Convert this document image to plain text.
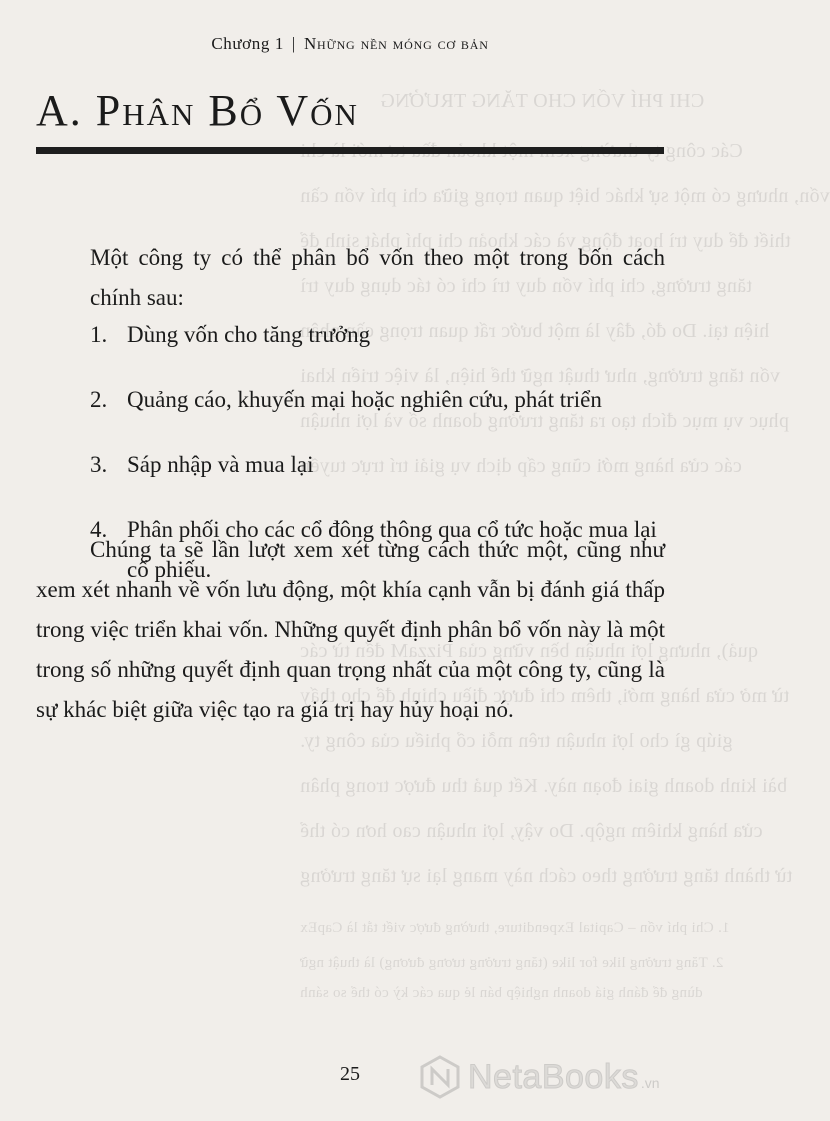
CHI PHÍ VỐN CHO TĂNG TRƯỞNG
Các công
vốn, nhưng có một sự khác biệt quan trọng giữa chi phí vốn cần
thiết để duy trì hoạt động và các khoản chi phí phát sinh để
tăng trưởng, chi phí vốn duy trì chỉ có tác dụng duy trì
hiện tại. Do đó, đây là một bước rất quan trọng cần phân
vốn tăng trưởng, như thuật ngữ thể hiện, là việc triển khai
phục vụ mục đích tạo ra tăng trưởng doanh số và lợi nhuận
các cửa hàng mới cũng cấp dịch vụ giải trí trực tuyến
quả), nhưng lợi nhuận bền vững của PizzaM đến từ các
từ mở cửa hàng mới, thêm chỉ được điều chỉnh để cho thấy
giúp gì cho lợi nhuận trên mỗi cổ phiếu của công ty.
bài kinh doanh giai đoạn này. Kết quả thu được trong phân
cửa hàng khiêm ngộp. Do vậy, lợi nhuận cao hơn có thể
từ thành tăng trưởng theo cách này mang lại sự tăng trưởng
1. Chi phí vốn – Capital Expenditure, thường được viết tắt là CapEx
2. Tăng trưởng like for like (tăng trưởng tương đương) là thuật ngữ
dùng để đánh giá doanh nghiệp bán lẻ qua các kỳ có thể so sánh
Chương 1 | Những nền móng cơ bản
A. Phân Bổ Vốn

Một công ty có thể phân bổ vốn theo một trong bốn cách chính sau:

1. Dùng vốn cho tăng trưởng
2. Quảng cáo, khuyến mại hoặc nghiên cứu, phát triển
3. Sáp nhập và mua lại
4. Phân phối cho các cổ đông thông qua cổ tức hoặc mua lại cổ phiếu.

Chúng ta sẽ lần lượt xem xét từng cách thức một, cũng như xem xét nhanh về vốn lưu động, một khía cạnh vẫn bị đánh giá thấp trong việc triển khai vốn. Những quyết định phân bổ vốn này là một trong số những quyết định quan trọng nhất của một công ty, cũng là sự khác biệt giữa việc tạo ra giá trị hay hủy hoại nó.

25	NetaBooks .vn
